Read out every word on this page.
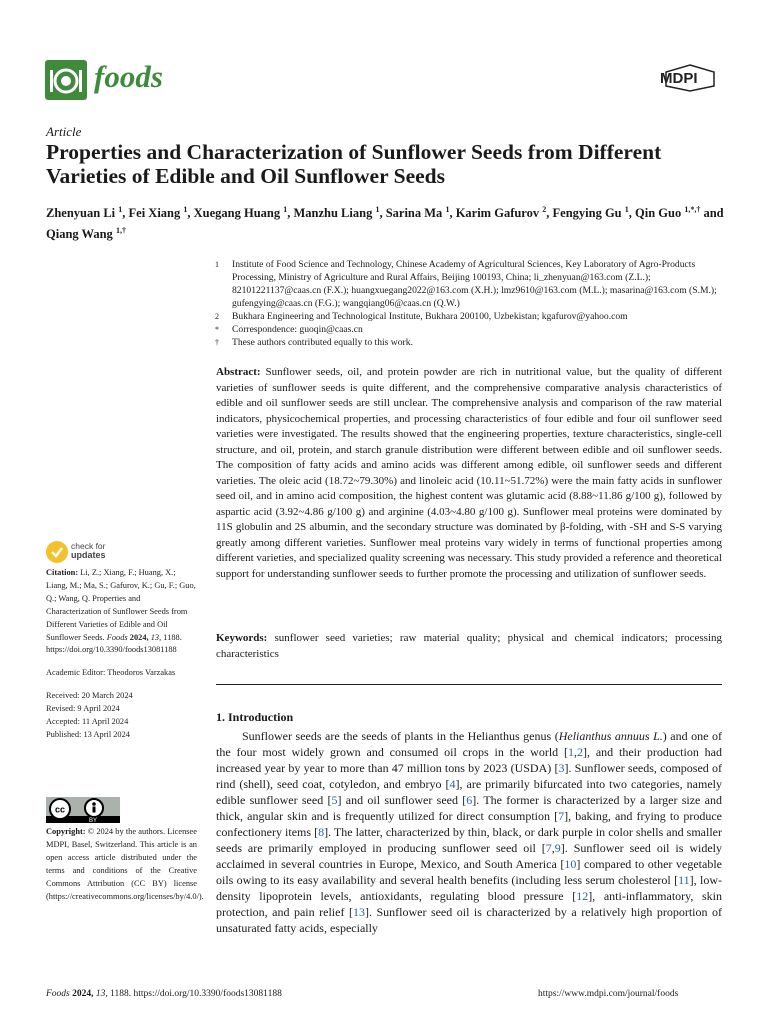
foods	MDPI
Article
Properties and Characterization of Sunflower Seeds from Different Varieties of Edible and Oil Sunflower Seeds
Zhenyuan Li $^1$, Fei Xiang $^1$, Xuegang Huang $^1$, Manzhu Liang $^1$, Sarina Ma $^1$, Karim Gafurov $^2$, Fengying Gu $^1$, Qin Guo $^{1,*,\dagger}$ and Qiang Wang $^{1,\dagger}$
1	Institute of Food Science and Technology, Chinese Academy of Agricultural Sciences, Key Laboratory of Agro-Products Processing, Ministry of Agriculture and Rural Affairs, Beijing 100193, China; li_zhenyuan@163.com (Z.L.); 82101221137@caas.cn (F.X.); huangxuegang2022@163.com (X.H.); lmz9610@163.com (M.L.); masarina@163.com (S.M.); gufengying@caas.cn (F.G.); wangqiang06@caas.cn (Q.W.)
2	Bukhara Engineering and Technological Institute, Bukhara 200100, Uzbekistan; kgafurov@yahoo.com
*	Correspondence: guoqin@caas.cn
†	These authors contributed equally to this work.
Abstract: Sunflower seeds, oil, and protein powder are rich in nutritional value, but the quality of different varieties of sunflower seeds is quite different, and the comprehensive comparative analysis characteristics of edible and oil sunflower seeds are still unclear. The comprehensive analysis and comparison of the raw material indicators, physicochemical properties, and processing characteristics of four edible and four oil sunflower seed varieties were investigated. The results showed that the engineering properties, texture characteristics, single-cell structure, and oil, protein, and starch granule distribution were different between edible and oil sunflower seeds. The composition of fatty acids and amino acids was different among edible, oil sunflower seeds and different varieties. The oleic acid (18.72~79.30%) and linoleic acid (10.11~51.72%) were the main fatty acids in sunflower seed oil, and in amino acid composition, the highest content was glutamic acid (8.88~11.86 g/100 g), followed by aspartic acid (3.92~4.86 g/100 g) and arginine (4.03~4.80 g/100 g). Sunflower meal proteins were dominated by 11S globulin and 2S albumin, and the secondary structure was dominated by β-folding, with -SH and S-S varying greatly among different varieties. Sunflower meal proteins vary widely in terms of functional properties among different varieties, and specialized quality screening was necessary. This study provided a reference and theoretical support for understanding sunflower seeds to further promote the processing and utilization of sunflower seeds.
Keywords: sunflower seed varieties; raw material quality; physical and chemical indicators; processing characteristics
check for
updates

Citation: Li, Z.; Xiang, F.; Huang, X.; Liang, M.; Ma, S.; Gafurov, K.; Gu, F.; Guo, Q.; Wang, Q. Properties and Characterization of Sunflower Seeds from Different Varieties of Edible and Oil Sunflower Seeds. Foods 2024, 13, 1188. https://doi.org/10.3390/foods13081188

Academic Editor: Theodoros Varzakas

Received: 20 March 2024
Revised: 9 April 2024
Accepted: 11 April 2024
Published: 13 April 2024

cc
BY
Copyright: © 2024 by the authors. Licensee MDPI, Basel, Switzerland. This article is an open access article distributed under the terms and conditions of the Creative Commons Attribution (CC BY) license (https://creativecommons.org/licenses/by/4.0/).
1. Introduction
Sunflower seeds are the seeds of plants in the Helianthus genus (Helianthus annuus L.) and one of the four most widely grown and consumed oil crops in the world [1,2], and their production had increased year by year to more than 47 million tons by 2023 (USDA) [3]. Sunflower seeds, composed of rind (shell), seed coat, cotyledon, and embryo [4], are primarily bifurcated into two categories, namely edible sunflower seed [5] and oil sunflower seed [6]. The former is characterized by a larger size and thick, angular skin and is frequently utilized for direct consumption [7], baking, and frying to produce confectionery items [8]. The latter, characterized by thin, black, or dark purple in color shells and smaller seeds are primarily employed in producing sunflower seed oil [7,9]. Sunflower seed oil is widely acclaimed in several countries in Europe, Mexico, and South America [10] compared to other vegetable oils owing to its easy availability and several health benefits (including less serum cholesterol [11], low-density lipoprotein levels, antioxidants, regulating blood pressure [12], anti-inflammatory, skin protection, and pain relief [13]. Sunflower seed oil is characterized by a relatively high proportion of unsaturated fatty acids, especially
Foods 2024, 13, 1188. https://doi.org/10.3390/foods13081188	https://www.mdpi.com/journal/foods
